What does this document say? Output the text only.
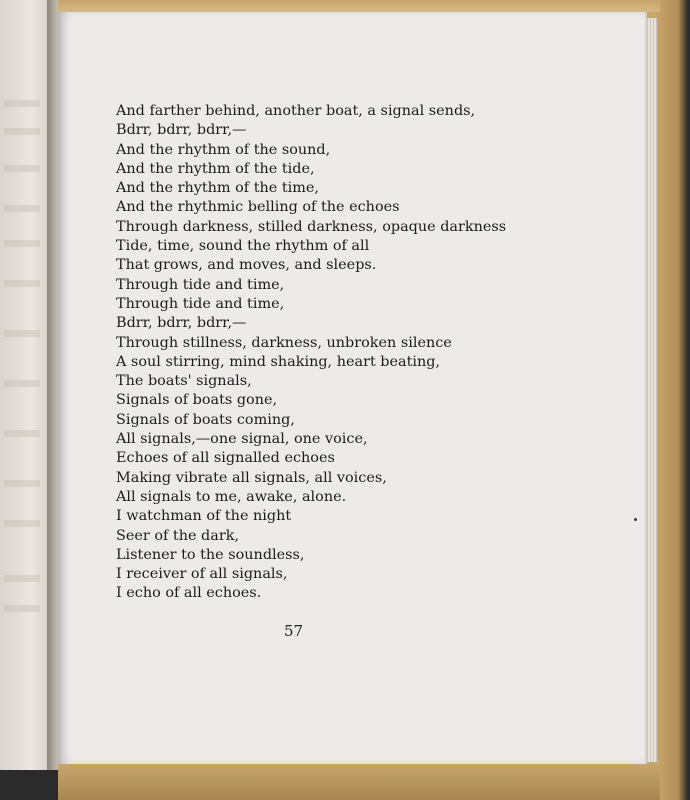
And farther behind, another boat, a signal sends,
Bdrr, bdrr, bdrr,—
And the rhythm of the sound,
And the rhythm of the tide,
And the rhythm of the time,
And the rhythmic belling of the echoes
Through darkness, stilled darkness, opaque darkness
Tide, time, sound the rhythm of all
That grows, and moves, and sleeps.
Through tide and time,
Through tide and time,
Bdrr, bdrr, bdrr,—
Through stillness, darkness, unbroken silence
A soul stirring, mind shaking, heart beating,
The boats' signals,
Signals of boats gone,
Signals of boats coming,
All signals,—one signal, one voice,
Echoes of all signalled echoes
Making vibrate all signals, all voices,
All signals to me, awake, alone.
I watchman of the night
Seer of the dark,
Listener to the soundless,
I receiver of all signals,
I echo of all echoes.
57
